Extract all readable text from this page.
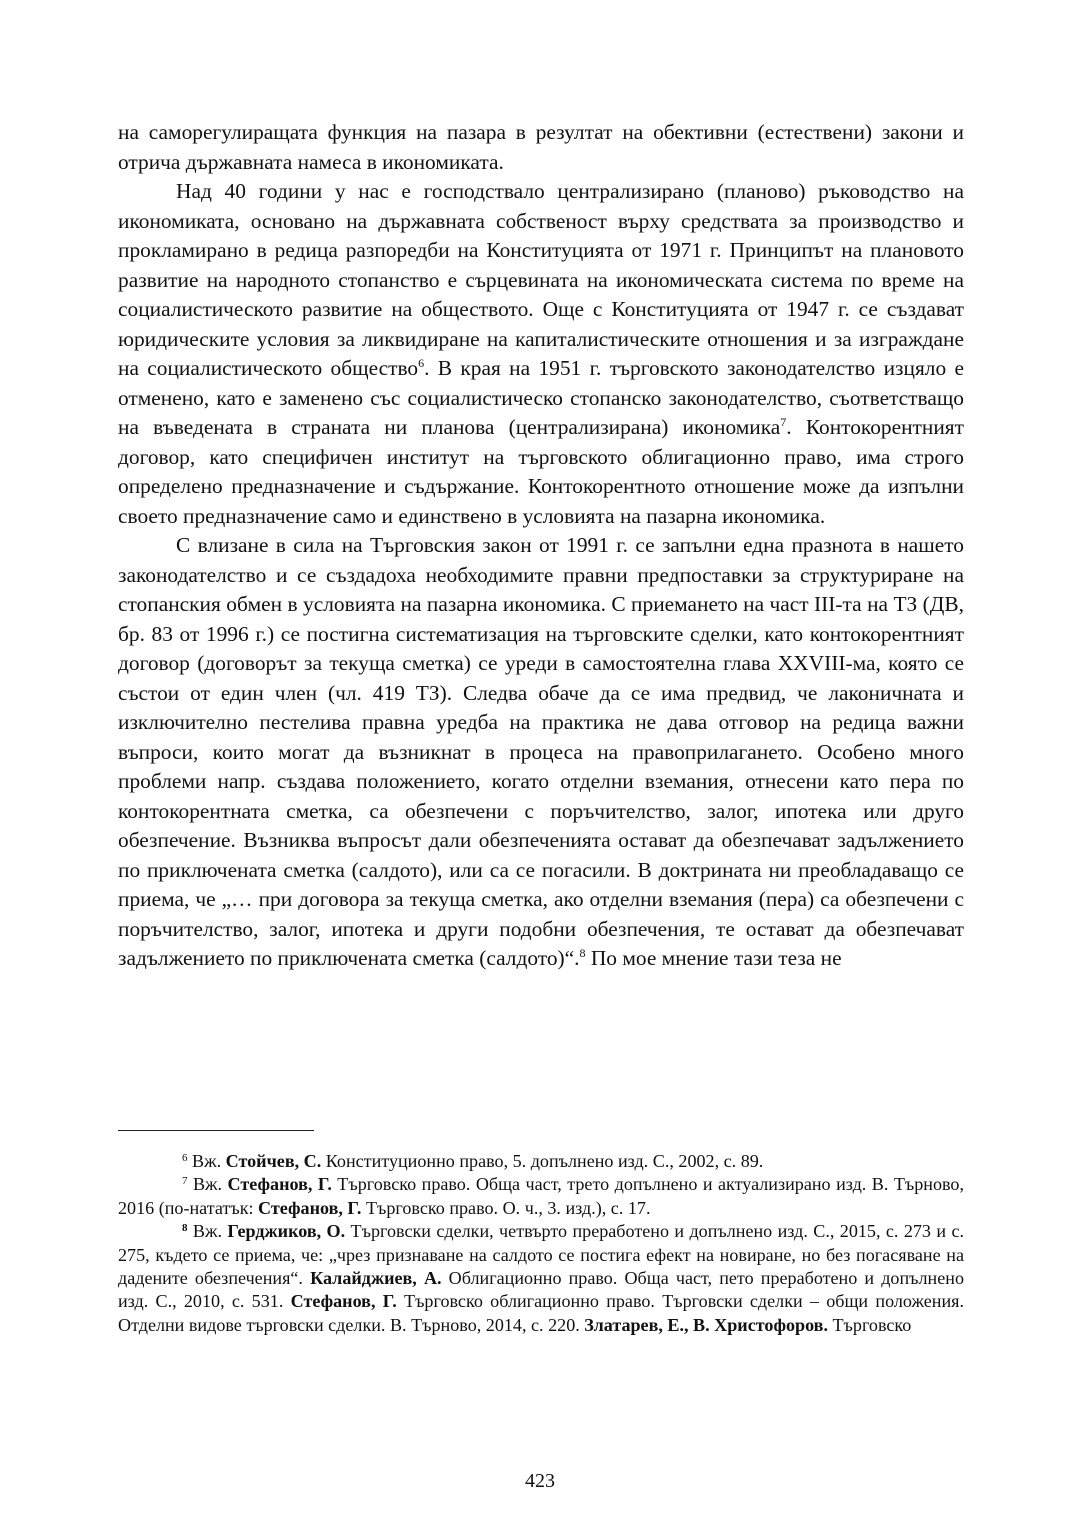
на саморегулиращата функция на пазара в резултат на обективни (естествени) закони и отрича държавната намеса в икономиката.

Над 40 години у нас е господствало централизирано (планово) ръководство на икономиката, основано на държавната собственост върху средствата за производство и прокламирано в редица разпоредби на Конституцията от 1971 г. Принципът на плановото развитие на народното стопанство е сърцевината на икономическата система по време на социалистическото развитие на обществото. Още с Конституцията от 1947 г. се създават юридическите условия за ликвидиране на капиталистическите отношения и за изграждане на социалистическото общество$^6$. В края на 1951 г. търговското законодателство изцяло е отменено, като е заменено със социалистическо стопанско законодателство, съответстващо на въведената в страната ни планова (централизирана) икономика$^7$. Контокорентният договор, като специфичен институт на търговското облигационно право, има строго определено предназначение и съдържание. Контокорентното отношение може да изпълни своето предназначение само и единствено в условията на пазарна икономика.

С влизане в сила на Търговския закон от 1991 г. се запълни една празнота в нашето законодателство и се създадоха необходимите правни предпоставки за структуриране на стопанския обмен в условията на пазарна икономика. С приемането на част III-та на ТЗ (ДВ, бр. 83 от 1996 г.) се постигна систематизация на търговските сделки, като контокорентният договор (договорът за текуща сметка) се уреди в самостоятелна глава XXVIII-ма, която се състои от един член (чл. 419 ТЗ). Следва обаче да се има предвид, че лаконичната и изключително пестелива правна уредба на практика не дава отговор на редица важни въпроси, които могат да възникнат в процеса на правоприлагането. Особено много проблеми напр. създава положението, когато отделни вземания, отнесени като пера по контокорентната сметка, са обезпечени с поръчителство, залог, ипотека или друго обезпечение. Възниква въпросът дали обезпеченията остават да обезпечават задължението по приключената сметка (салдото), или са се погасили. В доктрината ни преобладаващо се приема, че „… при договора за текуща сметка, ако отделни вземания (пера) са обезпечени с поръчителство, залог, ипотека и други подобни обезпечения, те остават да обезпечават задължението по приключената сметка (салдото)“.$^8$ По мое мнение тази теза не

$^6$ Вж. Стойчев, С. Конституционно право, 5. допълнено изд. С., 2002, с. 89.

$^7$ Вж. Стефанов, Г. Търговско право. Обща част, трето допълнено и актуализирано изд. В. Търново, 2016 (по-нататък: Стефанов, Г. Търговско право. О. ч., 3. изд.), с. 17.

$^8$ Вж. Герджиков, О. Търговски сделки, четвърто преработено и допълнено изд. С., 2015, с. 273 и с. 275, където се приема, че: „чрез признаване на салдото се постига ефект на новиране, но без погасяване на дадените обезпечения“. Калайджиев, А. Облигационно право. Обща част, пето преработено и допълнено изд. С., 2010, с. 531. Стефанов, Г. Търговско облигационно право. Търговски сделки – общи положения. Отделни видове търговски сделки. В. Търново, 2014, с. 220. Златарев, Е., В. Христофоров. Търговско

423
